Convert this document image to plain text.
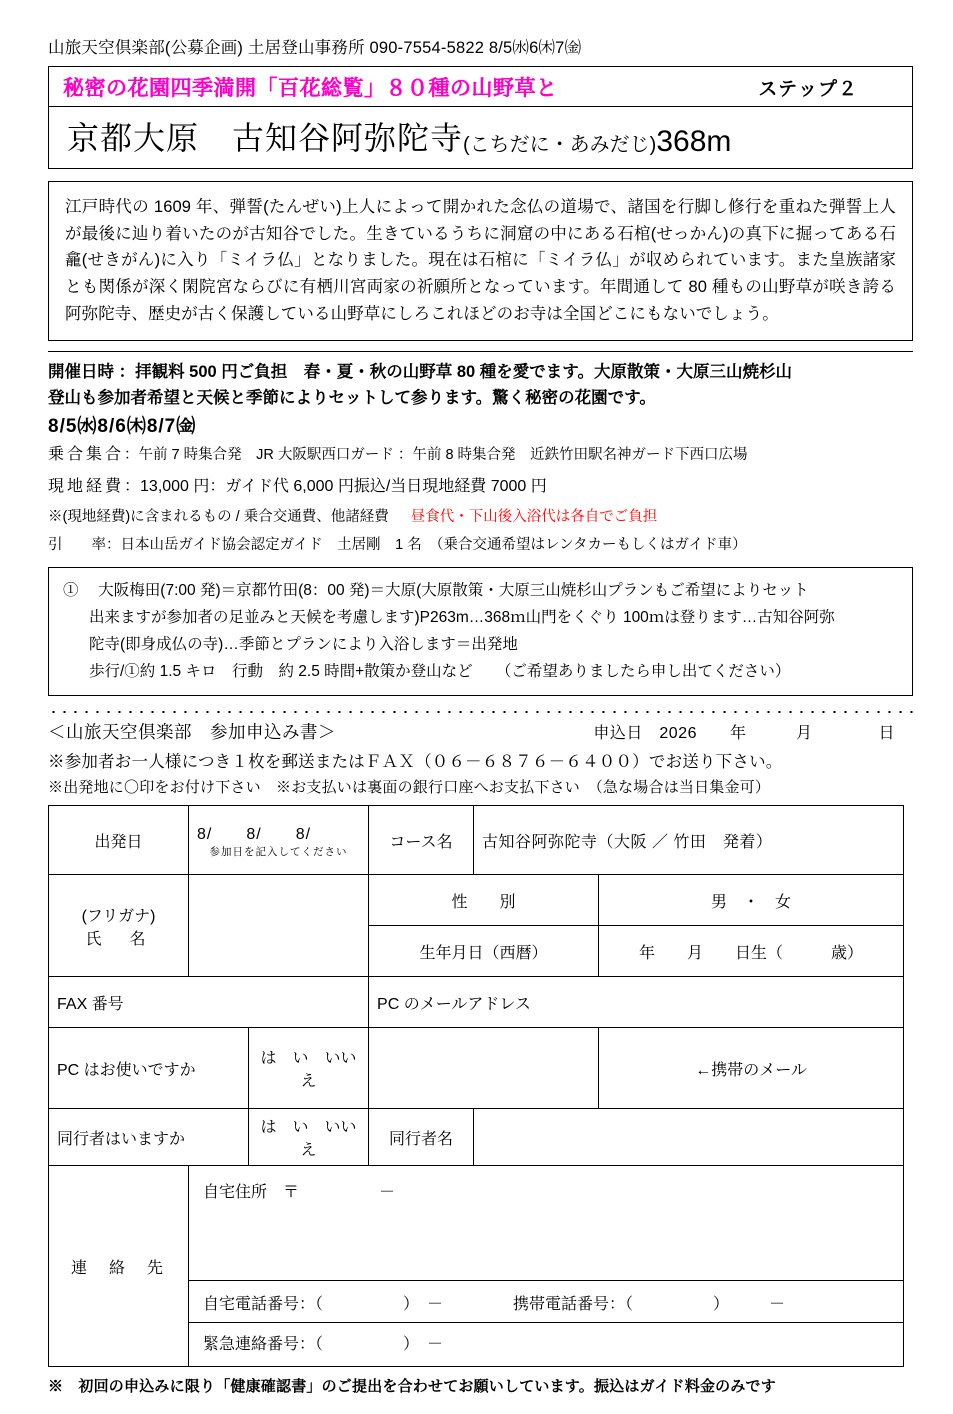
山旅天空倶楽部(公募企画) 土居登山事務所 090-7554-5822 8/5㈬6㈭7㈮
秘密の花園四季満開「百花総覧」８０種の山野草と	ステップ２
京都大原　古知谷阿弥陀寺 (こちだに・あみだじ) 368m

江戸時代の 1609 年、弾誓(たんぜい)上人によって開かれた念仏の道場で、諸国を行脚し修行を重ねた弾誓上人が最後に辿り着いたのが古知谷でした。生きているうちに洞窟の中にある石棺(せっかん)の真下に掘ってある石龕(せきがん)に入り「ミイラ仏」となりました。現在は石棺に「ミイラ仏」が収められています。また皇族諸家とも関係が深く閑院宮ならびに有栖川宮両家の祈願所となっています。年間通して 80 種もの山野草が咲き誇る阿弥陀寺、歴史が古く保護している山野草にしろこれほどのお寺は全国どこにもないでしょう。

開催日時 ：拝観料 500 円ご負担　春・夏・秋の山野草 80 種を愛でます。大原散策・大原三山焼杉山
登山も参加者希望と天候と季節によりセットして参ります。驚く秘密の花園です。
8/5㈬8/6㈭8/7㈮
乗合集合：午前 7 時集合発　JR 大阪駅西口ガード ：午前 8 時集合発　近鉄竹田駅名神ガード下西口広場
現地経費：13,000 円：ガイド代 6,000 円振込/当日現地経費 7000 円
※(現地経費)に含まれるもの / 乗合交通費、他諸経費 昼食代・下山後入浴代は各自でご負担
引　　率：日本山岳ガイド協会認定ガイド　土居剛　1 名　（乗合交通希望はレンタカーもしくはガイド車）
① 　大阪梅田(7:00 発)＝京都竹田(8：00 発)＝大原(大原散策・大原三山焼杉山プランもご希望によりセット
出来ますが参加者の足並みと天候を考慮します)P263m…368ｍ山門をくぐり 100ｍは登ります…古知谷阿弥
陀寺(即身成仏の寺)…季節とプランにより入浴します＝出発地
歩行/①約 1.5 キロ　行動　約 2.5 時間+散策か登山など　　（ご希望ありましたら申し出てください）
＜山旅天空倶楽部　参加申込み書＞	申込日　2026　　年　　　月　　　　日
※参加者お一人様につき１枚を郵送またはＦＡＸ（０６－６８７６－６４００）でお送り下さい。
※出発地に〇印をお付け下さい　※お支払いは裏面の銀行口座へお支払下さい　（急な場合は当日集金可）
出発日	8/　　8/　　8/
参加日を記入してください		コース名	古知谷阿弥陀寺（大阪 ／ 竹田　発着）	

(フリガナ)
氏　名			性　　別		男　・　女
			生年月日（西暦）		年　　月　　日生（　　　歳）
FAX 番号			PC のメールアドレス		
PC はお使いですか		は　い　いいえ			←携帯のメール
同行者はいますか		は　い　いいえ	同行者名		
連　絡　先	自宅住所　〒　　　　　－
自宅電話番号：（　　　　　）　－ 携帯電話番号：（　　　　　）　　　－
緊急連絡番号：（　　　　　）　－				
※　初回の申込みに限り「健康確認書」のご提出を合わせてお願いしています。振込はガイド料金のみです
